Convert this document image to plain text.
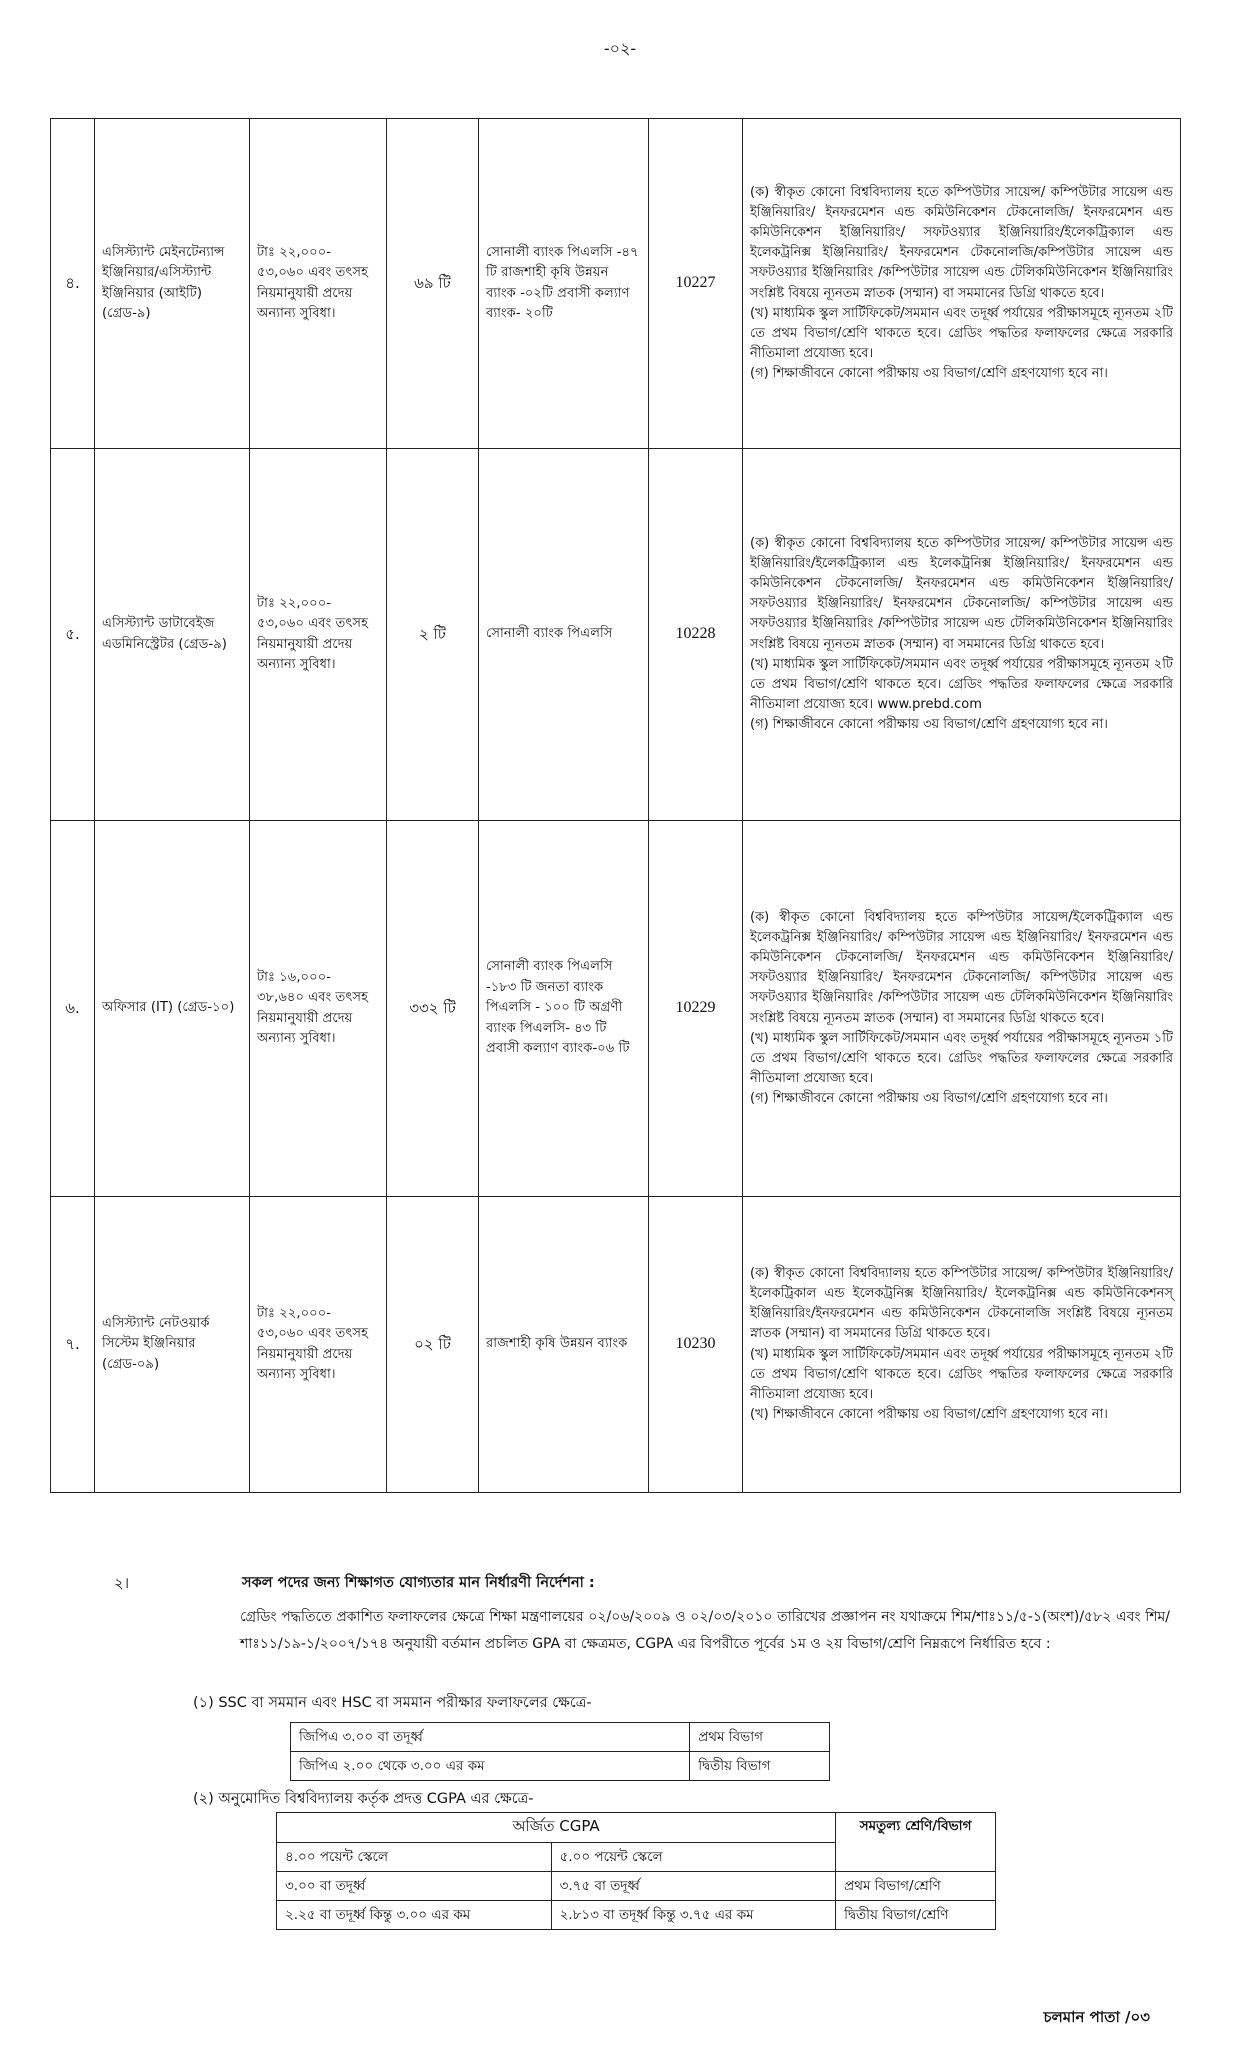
-০২-
৪.	এসিস্ট্যান্ট মেইনটেন্যান্স ইঞ্জিনিয়ার/এসিস্ট্যান্ট ইঞ্জিনিয়ার (আইটি) (গ্রেড-৯)	টাঃ ২২,০০০- ৫৩,০৬০ এবং তৎসহ নিয়মানুযায়ী প্রদেয় অন্যান্য সুবিধা।	৬৯ টি	সোনালী ব্যাংক পিএলসি -৪৭ টি রাজশাহী কৃষি উন্নয়ন ব্যাংক -০২টি প্রবাসী কল্যাণ ব্যাংক- ২০টি	10227	(ক) স্বীকৃত কোনো বিশ্ববিদ্যালয় হতে কম্পিউটার সায়েন্স/ কম্পিউটার সায়েন্স এন্ড ইঞ্জিনিয়ারিং/ ইনফরমেশন এন্ড কমিউনিকেশন টেকনোলজি/ ইনফরমেশন এন্ড কমিউনিকেশন ইঞ্জিনিয়ারিং/ সফটওয়্যার ইঞ্জিনিয়ারিং/ইলেকট্রিক্যাল এন্ড ইলেকট্রনিক্স ইঞ্জিনিয়ারিং/ ইনফরমেশন টেকনোলজি/কম্পিউটার সায়েন্স এন্ড সফটওয়্যার ইঞ্জিনিয়ারিং /কম্পিউটার সায়েন্স এন্ড টেলিকমিউনিকেশন ইঞ্জিনিয়ারিং সংশ্লিষ্ট বিষয়ে ন্যূনতম স্নাতক (সম্মান) বা সমমানের ডিগ্রি থাকতে হবে।

(খ) মাধ্যমিক স্কুল সার্টিফিকেট/সমমান এবং তদূর্ধ্ব পর্যায়ের পরীক্ষাসমূহে ন্যূনতম ২টি তে প্রথম বিভাগ/শ্রেণি থাকতে হবে। গ্রেডিং পদ্ধতির ফলাফলের ক্ষেত্রে সরকারি নীতিমালা প্রযোজ্য হবে।

(গ) শিক্ষাজীবনে কোনো পরীক্ষায় ৩য় বিভাগ/শ্রেণি গ্রহণযোগ্য হবে না।

৫.	এসিস্ট্যান্ট ডাটাবেইজ এডমিনিস্ট্রেটর (গ্রেড-৯)	টাঃ ২২,০০০- ৫৩,০৬০ এবং তৎসহ নিয়মানুযায়ী প্রদেয় অন্যান্য সুবিধা।	২ টি	সোনালী ব্যাংক পিএলসি	10228	(ক) স্বীকৃত কোনো বিশ্ববিদ্যালয় হতে কম্পিউটার সায়েন্স/ কম্পিউটার সায়েন্স এন্ড ইঞ্জিনিয়ারিং/ইলেকট্রিক্যাল এন্ড ইলেকট্রনিক্স ইঞ্জিনিয়ারিং/ ইনফরমেশন এন্ড কমিউনিকেশন টেকনোলজি/ ইনফরমেশন এন্ড কমিউনিকেশন ইঞ্জিনিয়ারিং/ সফটওয়্যার ইঞ্জিনিয়ারিং/ ইনফরমেশন টেকনোলজি/ কম্পিউটার সায়েন্স এন্ড সফটওয়্যার ইঞ্জিনিয়ারিং /কম্পিউটার সায়েন্স এন্ড টেলিকমিউনিকেশন ইঞ্জিনিয়ারিং সংশ্লিষ্ট বিষয়ে ন্যূনতম স্নাতক (সম্মান) বা সমমানের ডিগ্রি থাকতে হবে।

(খ) মাধ্যমিক স্কুল সার্টিফিকেট/সমমান এবং তদূর্ধ্ব পর্যায়ের পরীক্ষাসমূহে ন্যূনতম ২টি তে প্রথম বিভাগ/শ্রেণি থাকতে হবে। গ্রেডিং পদ্ধতির ফলাফলের ক্ষেত্রে সরকারি নীতিমালা প্রযোজ্য হবে। www.prebd.com

(গ) শিক্ষাজীবনে কোনো পরীক্ষায় ৩য় বিভাগ/শ্রেণি গ্রহণযোগ্য হবে না।

৬.	অফিসার (IT) (গ্রেড-১০)	টাঃ ১৬,০০০- ৩৮,৬৪০ এবং তৎসহ নিয়মানুযায়ী প্রদেয় অন্যান্য সুবিধা।	৩৩২ টি	সোনালী ব্যাংক পিএলসি -১৮৩ টি জনতা ব্যাংক পিএলসি - ১০০ টি অগ্রণী ব্যাংক পিএলসি- ৪৩ টি প্রবাসী কল্যাণ ব্যাংক-০৬ টি	10229	(ক) স্বীকৃত কোনো বিশ্ববিদ্যালয় হতে কম্পিউটার সায়েন্স/ইলেকট্রিক্যাল এন্ড ইলেকট্রনিক্স ইঞ্জিনিয়ারিং/ কম্পিউটার সায়েন্স এন্ড ইঞ্জিনিয়ারিং/ ইনফরমেশন এন্ড কমিউনিকেশন টেকনোলজি/ ইনফরমেশন এন্ড কমিউনিকেশন ইঞ্জিনিয়ারিং/ সফটওয়্যার ইঞ্জিনিয়ারিং/ ইনফরমেশন টেকনোলজি/ কম্পিউটার সায়েন্স এন্ড সফটওয়্যার ইঞ্জিনিয়ারিং /কম্পিউটার সায়েন্স এন্ড টেলিকমিউনিকেশন ইঞ্জিনিয়ারিং সংশ্লিষ্ট বিষয়ে ন্যূনতম স্নাতক (সম্মান) বা সমমানের ডিগ্রি থাকতে হবে।

(খ) মাধ্যমিক স্কুল সার্টিফিকেট/সমমান এবং তদূর্ধ্ব পর্যায়ের পরীক্ষাসমূহে ন্যূনতম ১টি তে প্রথম বিভাগ/শ্রেণি থাকতে হবে। গ্রেডিং পদ্ধতির ফলাফলের ক্ষেত্রে সরকারি নীতিমালা প্রযোজ্য হবে।

(গ) শিক্ষাজীবনে কোনো পরীক্ষায় ৩য় বিভাগ/শ্রেণি গ্রহণযোগ্য হবে না।

৭.	এসিস্ট্যান্ট নেটওয়ার্ক সিস্টেম ইঞ্জিনিয়ার (গ্রেড-০৯)	টাঃ ২২,০০০- ৫৩,০৬০ এবং তৎসহ নিয়মানুযায়ী প্রদেয় অন্যান্য সুবিধা।	০২ টি	রাজশাহী কৃষি উন্নয়ন ব্যাংক	10230	(ক) স্বীকৃত কোনো বিশ্ববিদ্যালয় হতে কম্পিউটার সায়েন্স/ কম্পিউটার ইঞ্জিনিয়ারিং/ইলেকট্রিকাল এন্ড ইলেকট্রনিক্স ইঞ্জিনিয়ারিং/ ইলেকট্রনিক্স এন্ড কমিউনিকেশনস্ ইঞ্জিনিয়ারিং/ইনফরমেশন এন্ড কমিউনিকেশন টেকনোলজি সংশ্লিষ্ট বিষয়ে ন্যূনতম স্নাতক (সম্মান) বা সমমানের ডিগ্রি থাকতে হবে।

(খ) মাধ্যমিক স্কুল সার্টিফিকেট/সমমান এবং তদূর্ধ্ব পর্যায়ের পরীক্ষাসমূহে ন্যূনতম ২টি তে প্রথম বিভাগ/শ্রেণি থাকতে হবে। গ্রেডিং পদ্ধতির ফলাফলের ক্ষেত্রে সরকারি নীতিমালা প্রযোজ্য হবে।

(খ) শিক্ষাজীবনে কোনো পরীক্ষায় ৩য় বিভাগ/শ্রেণি গ্রহণযোগ্য হবে না।

২।	সকল পদের জন্য শিক্ষাগত যোগ্যতার মান নির্ধারণী নির্দেশনা :
গ্রেডিং পদ্ধতিতে প্রকাশিত ফলাফলের ক্ষেত্রে শিক্ষা মন্ত্রণালয়ের ০২/০৬/২০০৯ ও ০২/০৩/২০১০ তারিখের প্রজ্ঞাপন নং যথাক্রমে শিম/শাঃ১১/৫-১(অংশ)/৫৮২ এবং শিম/শাঃ১১/১৯-১/২০০৭/১৭৪ অনুযায়ী বর্তমান প্রচলিত GPA বা ক্ষেত্রমত, CGPA এর বিপরীতে পূর্বের ১ম ও ২য় বিভাগ/শ্রেণি নিম্নরূপে নির্ধারিত হবে :
(১) SSC বা সমমান এবং HSC বা সমমান পরীক্ষার ফলাফলের ক্ষেত্রে-
জিপিএ ৩.০০ বা তদূর্ধ্ব	প্রথম বিভাগ
জিপিএ ২.০০ থেকে ৩.০০ এর কম	দ্বিতীয় বিভাগ
(২) অনুমোদিত বিশ্ববিদ্যালয় কর্তৃক প্রদত্ত CGPA এর ক্ষেত্রে-
অর্জিত CGPA		সমতুল্য শ্রেণি/বিভাগ
৪.০০ পয়েন্ট স্কেলে	৫.০০ পয়েন্ট স্কেলে	
৩.০০ বা তদূর্ধ্ব	৩.৭৫ বা তদূর্ধ্ব	প্রথম বিভাগ/শ্রেণি
২.২৫ বা তদূর্ধ্ব কিন্তু ৩.০০ এর কম	২.৮১৩ বা তদূর্ধ্ব কিন্তু ৩.৭৫ এর কম	দ্বিতীয় বিভাগ/শ্রেণি
চলমান পাতা /০৩
